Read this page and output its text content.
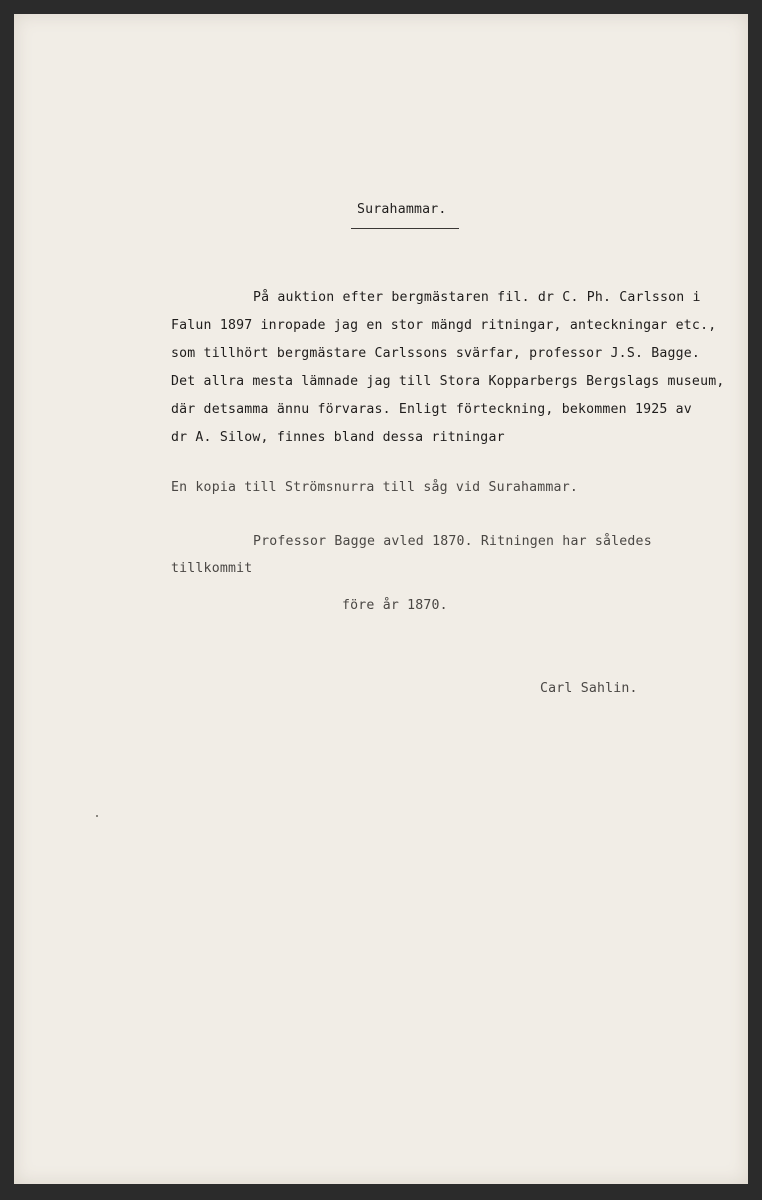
Surahammar.
På auktion efter bergmästaren fil. dr C. Ph. Carlsson i
Falun 1897 inropade jag en stor mängd ritningar, anteckningar etc.,
som tillhört bergmästare Carlssons svärfar, professor J.S. Bagge.
Det allra mesta lämnade jag till Stora Kopparbergs Bergslags museum,
där detsamma ännu förvaras. Enligt förteckning, bekommen 1925 av
dr A. Silow, finnes bland dessa ritningar
En kopia till Strömsnurra till såg vid Surahammar.
Professor Bagge avled 1870. Ritningen har således
tillkommit
före år 1870.
Carl Sahlin.
